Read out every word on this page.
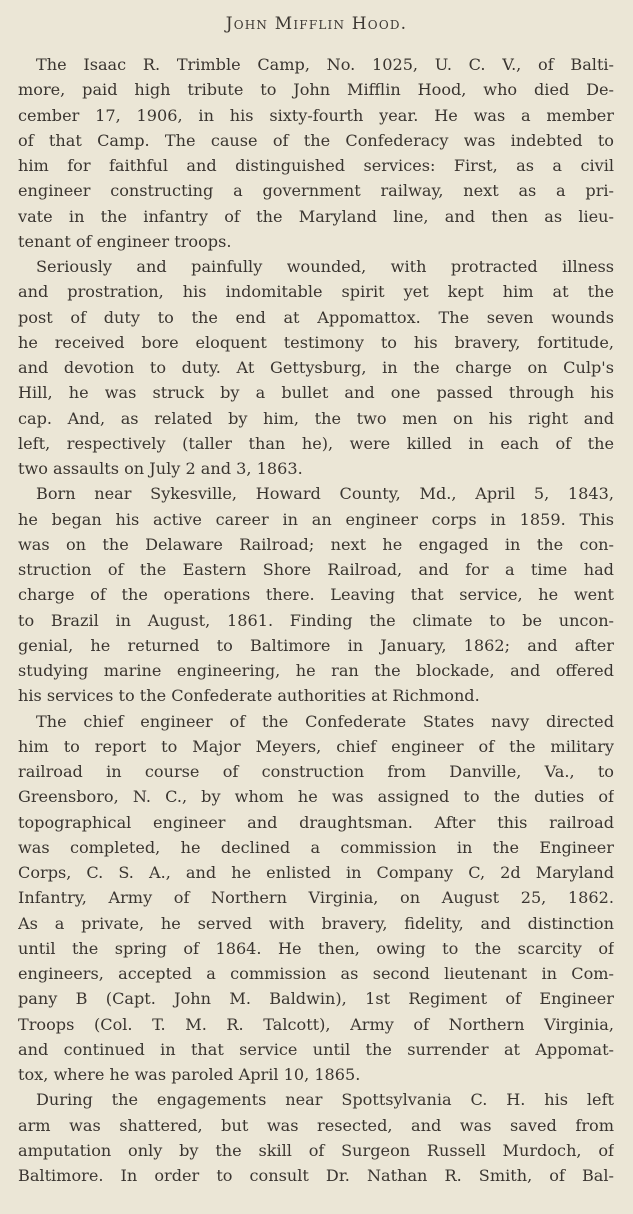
John Mifflin Hood.
The Isaac R. Trimble Camp, No. 1025, U. C. V., of Balti-
more, paid high tribute to John Mifflin Hood, who died De-
cember 17, 1906, in his sixty-fourth year. He was a member
of that Camp. The cause of the Confederacy was indebted to
him for faithful and distinguished services: First, as a civil
engineer constructing a government railway, next as a pri-
vate in the infantry of the Maryland line, and then as lieu-
tenant of engineer troops.
Seriously and painfully wounded, with protracted illness
and prostration, his indomitable spirit yet kept him at the
post of duty to the end at Appomattox. The seven wounds
he received bore eloquent testimony to his bravery, fortitude,
and devotion to duty. At Gettysburg, in the charge on Culp's
Hill, he was struck by a bullet and one passed through his
cap. And, as related by him, the two men on his right and
left, respectively (taller than he), were killed in each of the
two assaults on July 2 and 3, 1863.
Born near Sykesville, Howard County, Md., April 5, 1843,
he began his active career in an engineer corps in 1859. This
was on the Delaware Railroad; next he engaged in the con-
struction of the Eastern Shore Railroad, and for a time had
charge of the operations there. Leaving that service, he went
to Brazil in August, 1861. Finding the climate to be uncon-
genial, he returned to Baltimore in January, 1862; and after
studying marine engineering, he ran the blockade, and offered
his services to the Confederate authorities at Richmond.
The chief engineer of the Confederate States navy directed
him to report to Major Meyers, chief engineer of the military
railroad in course of construction from Danville, Va., to
Greensboro, N. C., by whom he was assigned to the duties of
topographical engineer and draughtsman. After this railroad
was completed, he declined a commission in the Engineer
Corps, C. S. A., and he enlisted in Company C, 2d Maryland
Infantry, Army of Northern Virginia, on August 25, 1862.
As a private, he served with bravery, fidelity, and distinction
until the spring of 1864. He then, owing to the scarcity of
engineers, accepted a commission as second lieutenant in Com-
pany B (Capt. John M. Baldwin), 1st Regiment of Engineer
Troops (Col. T. M. R. Talcott), Army of Northern Virginia,
and continued in that service until the surrender at Appomat-
tox, where he was paroled April 10, 1865.
During the engagements near Spottsylvania C. H. his left
arm was shattered, but was resected, and was saved from
amputation only by the skill of Surgeon Russell Murdoch, of
Baltimore. In order to consult Dr. Nathan R. Smith, of Bal-
